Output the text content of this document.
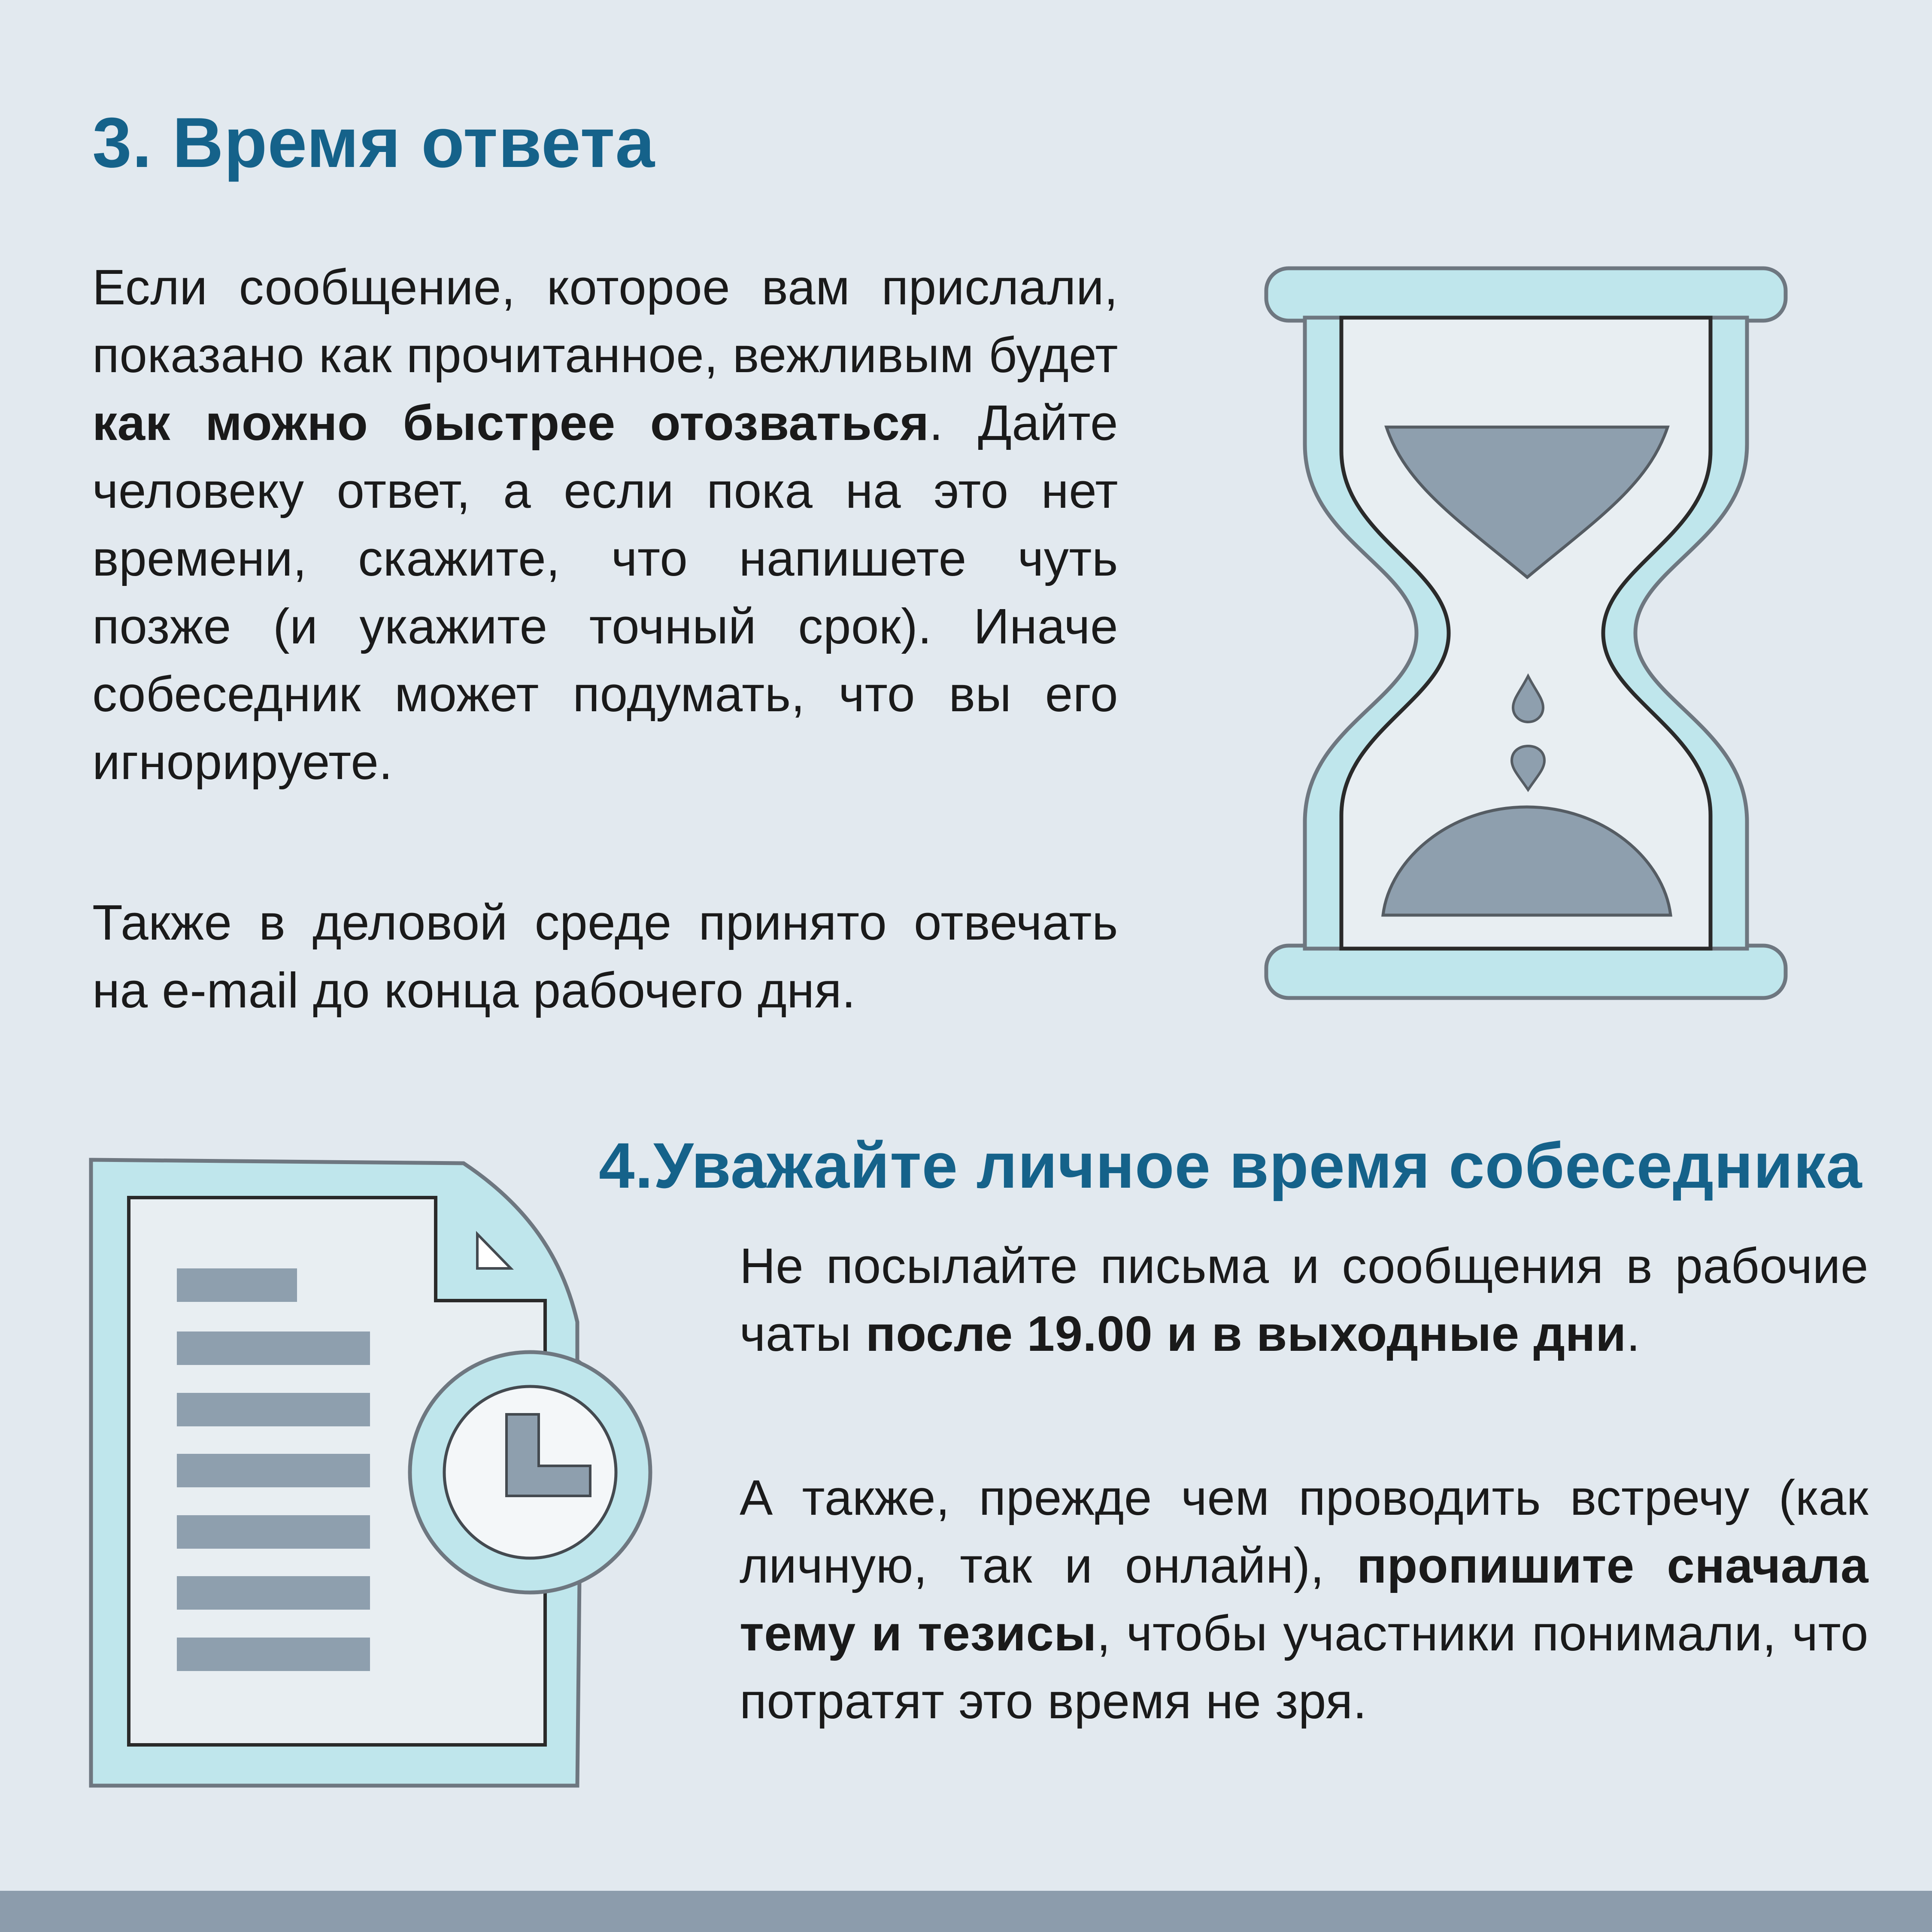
3. Время ответа

Если сообщение, которое вам прислали, показано как прочитанное, вежливым будет как можно быстрее отозваться. Дайте человеку ответ, а если пока на это нет времени, скажите, что напишете чуть позже (и укажите точный срок). Иначе собеседник может подумать, что вы его игнорируете.

Также в деловой среде принято отвечать на e-mail до конца рабочего дня.

4.Уважайте личное время собеседника

Не посылайте письма и сообщения в рабочие чаты после 19.00 и в выходные дни.

А также, прежде чем проводить встречу (как личную, так и онлайн), пропишите сначала тему и тезисы, чтобы участники понимали, что потратят это время не зря.
